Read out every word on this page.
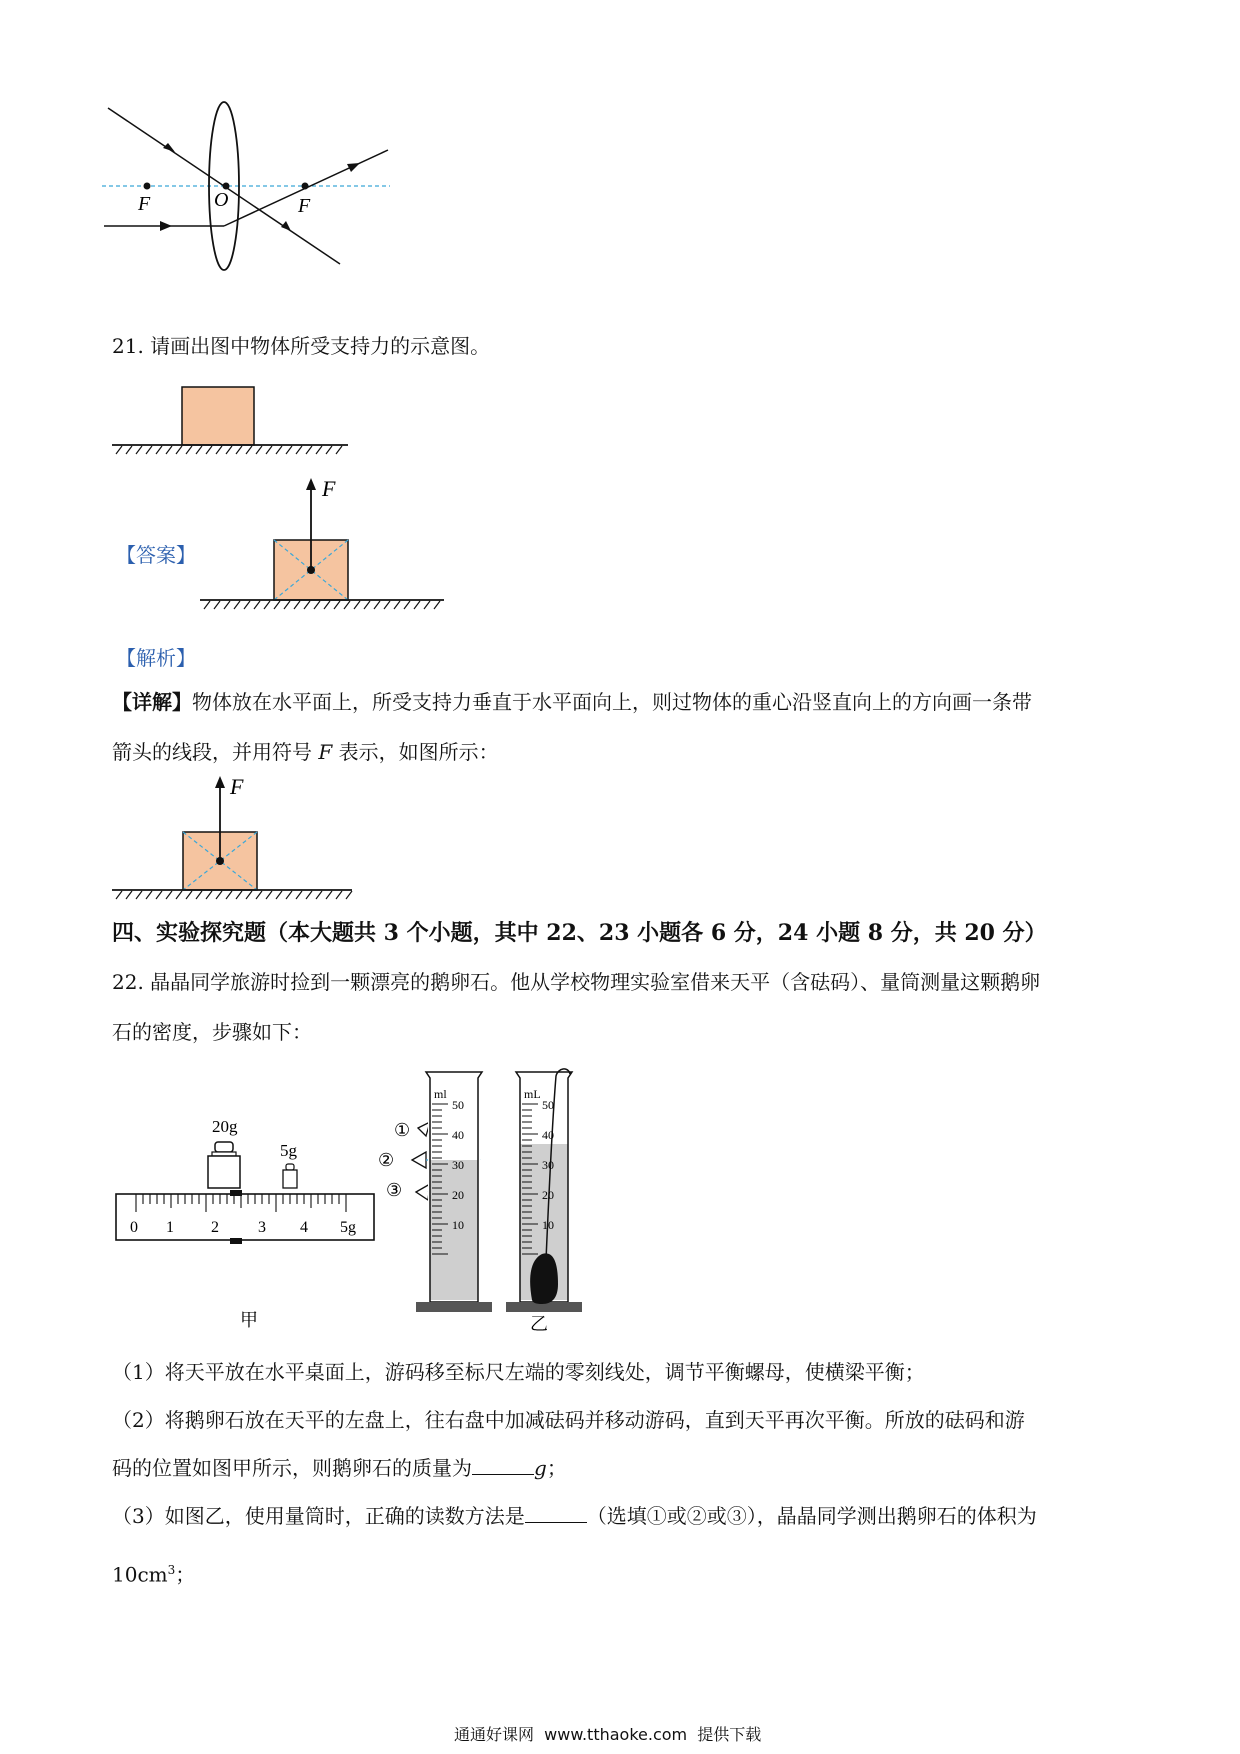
F	O	F
21. 请画出图中物体所受支持力的示意图。
【答案】
F
【解析】
【详解】物体放在水平面上，所受支持力垂直于水平面向上，则过物体的重心沿竖直向上的方向画一条带
箭头的线段，并用符号 F 表示，如图所示：
F
四、实验探究题（本大题共 3 个小题，其中 22、23 小题各 6 分，24 小题 8 分，共 20 分）
22. 晶晶同学旅游时捡到一颗漂亮的鹅卵石。他从学校物理实验室借来天平（含砝码）、量筒测量这颗鹅卵
石的密度，步骤如下：
20g
5g
0 1 2 3 4 5g
甲
①
②
③
ml
50
40
30
20
10
mL
50
40
30
20
10
乙
（1）将天平放在水平桌面上，游码移至标尺左端的零刻线处，调节平衡螺母，使横梁平衡；
（2）将鹅卵石放在天平的左盘上，往右盘中加减砝码并移动游码，直到天平再次平衡。所放的砝码和游
码的位置如图甲所示，则鹅卵石的质量为	g；
（3）如图乙，使用量筒时，正确的读数方法是	（选填①或②或③），晶晶同学测出鹅卵石的体积为
$10cm^3$；
通通好课网  www.tthaoke.com  提供下载
